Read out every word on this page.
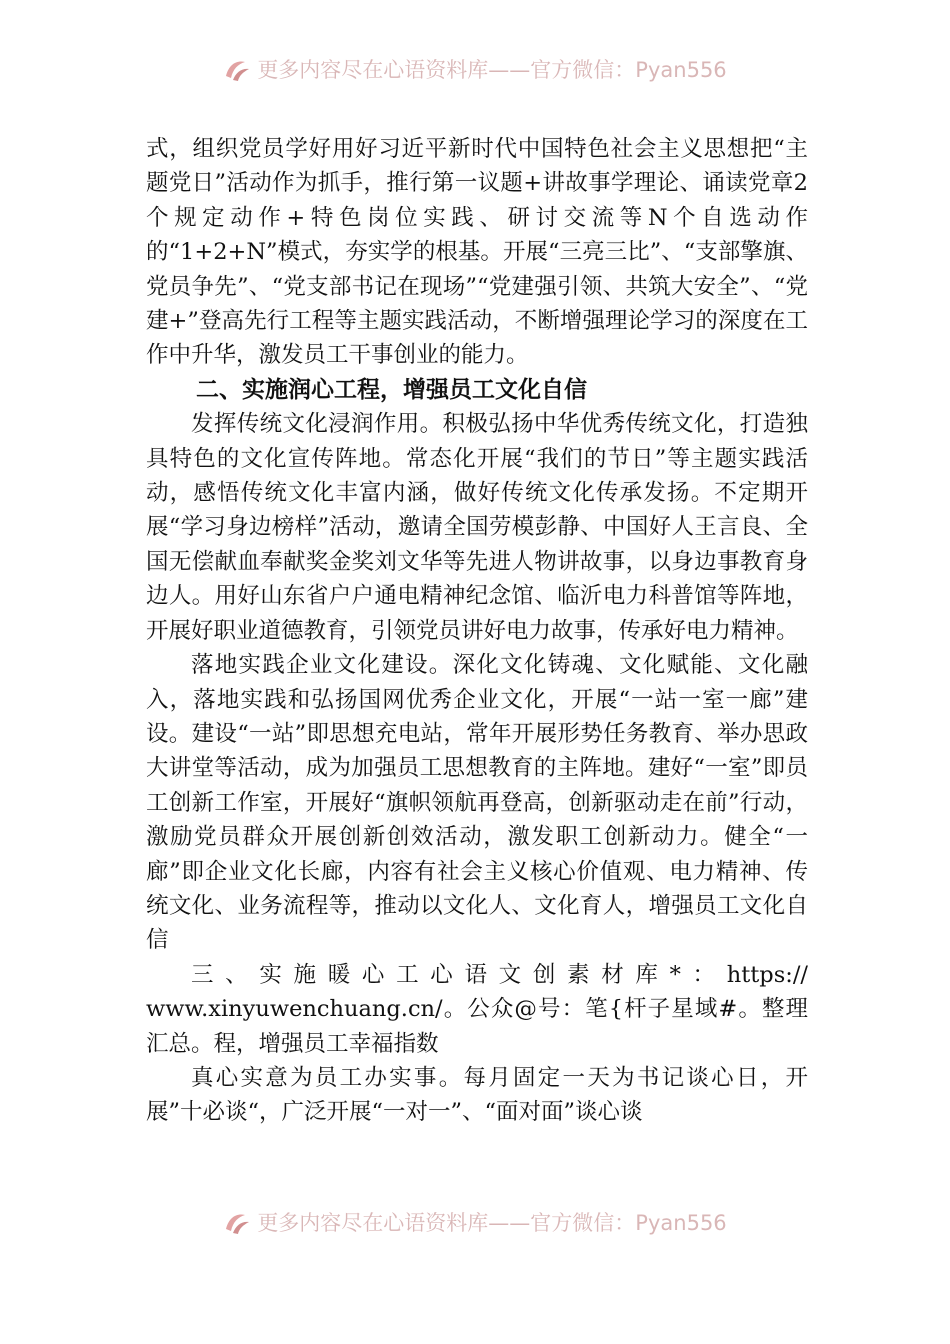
更多内容尽在心语资料库——官方微信：Pyan556

式，组织党员学好用好习近平新时代中国特色社会主义思想把“主题党日”活动作为抓手，推行第一议题+讲故事学理论、诵读党章2个规定动作+特色岗位实践、研讨交流等N个自选动作的“1+2+N”模式，夯实学的根基。开展“三亮三比”、“支部擎旗、党员争先”、“党支部书记在现场”“党建强引领、共筑大安全”、“党建+”登高先行工程等主题实践活动，不断增强理论学习的深度在工作中升华，激发员工干事创业的能力。

二、实施润心工程，增强员工文化自信

发挥传统文化浸润作用。积极弘扬中华优秀传统文化，打造独具特色的文化宣传阵地。常态化开展“我们的节日”等主题实践活动，感悟传统文化丰富内涵，做好传统文化传承发扬。不定期开展“学习身边榜样”活动，邀请全国劳模彭静、中国好人王言良、全国无偿献血奉献奖金奖刘文华等先进人物讲故事，以身边事教育身边人。用好山东省户户通电精神纪念馆、临沂电力科普馆等阵地，开展好职业道德教育，引领党员讲好电力故事，传承好电力精神。

落地实践企业文化建设。深化文化铸魂、文化赋能、文化融入，落地实践和弘扬国网优秀企业文化，开展“一站一室一廊”建设。建设“一站”即思想充电站，常年开展形势任务教育、举办思政大讲堂等活动，成为加强员工思想教育的主阵地。建好“一室”即员工创新工作室，开展好“旗帜领航再登高，创新驱动走在前”行动，激励党员群众开展创新创效活动，激发职工创新动力。健全“一廊”即企业文化长廊，内容有社会主义核心价值观、电力精神、传统文化、业务流程等，推动以文化人、文化育人，增强员工文化自信

三、实施暖心工心语文创素材库*：https://

www.xinyuwenchuang.cn/。公众@号：笔{杆子星域#。整理汇总。程，增强员工幸福指数

真心实意为员工办实事。每月固定一天为书记谈心日，开展”十必谈“，广泛开展“一对一”、“面对面”谈心谈

更多内容尽在心语资料库——官方微信：Pyan556
